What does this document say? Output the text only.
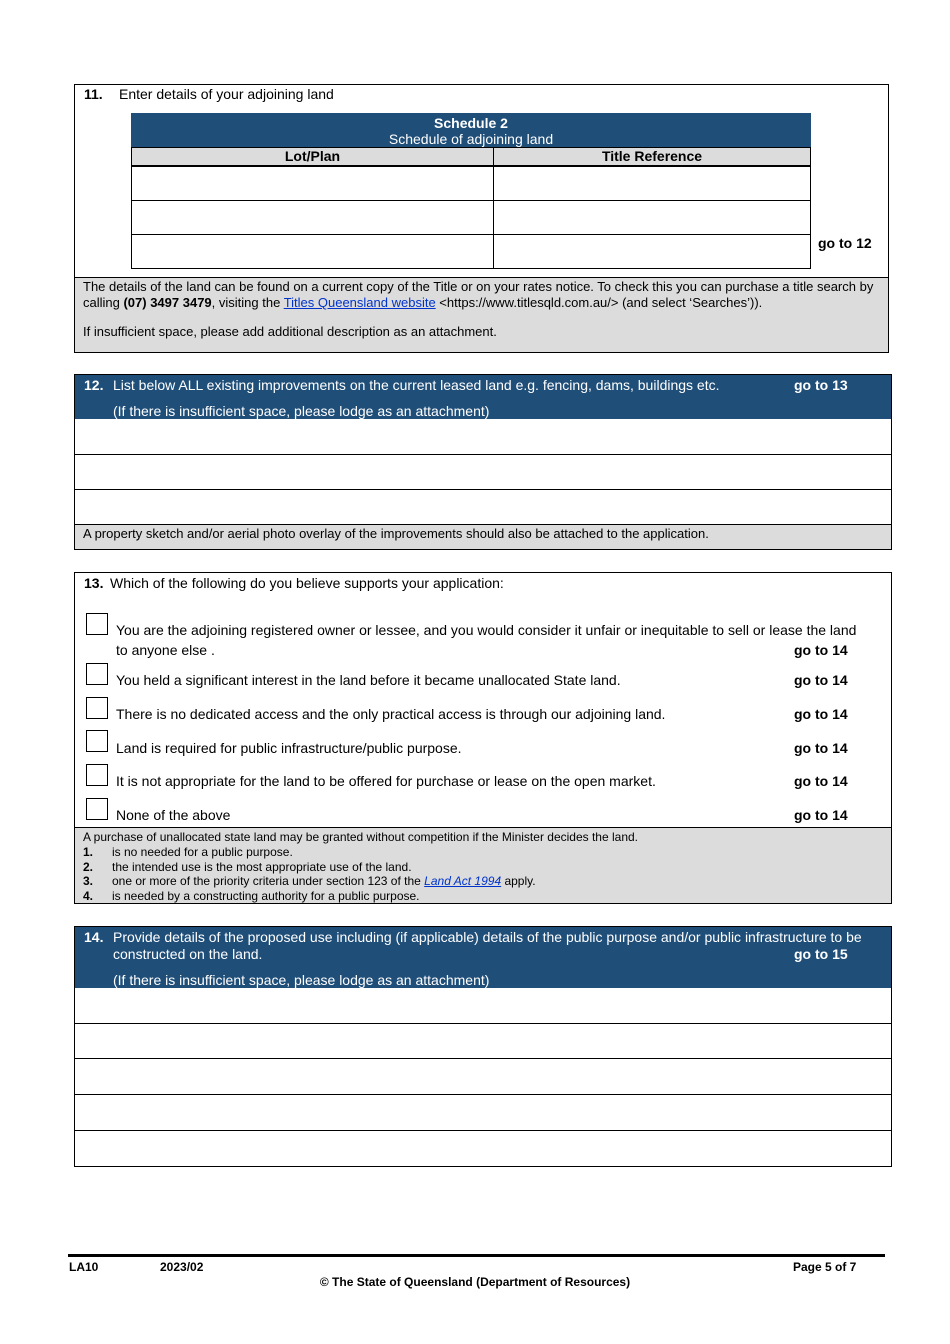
11. Enter details of your adjoining land
Schedule 2
Schedule of adjoining land
Lot/Plan	Title Reference
go to 12
The details of the land can be found on a current copy of the Title or on your rates notice. To check this you can purchase a title search by
calling (07) 3497 3479, visiting the Titles Queensland website <https://www.titlesqld.com.au/> (and select ‘Searches’)).
If insufficient space, please add additional description as an attachment.
12. List below ALL existing improvements on the current leased land e.g. fencing, dams, buildings etc.	go to 13
(If there is insufficient space, please lodge as an attachment)
A property sketch and/or aerial photo overlay of the improvements should also be attached to the application.
13. Which of the following do you believe supports your application:
You are the adjoining registered owner or lessee, and you would consider it unfair or inequitable to sell or lease the land
to anyone else .	go to 14
You held a significant interest in the land before it became unallocated State land.	go to 14
There is no dedicated access and the only practical access is through our adjoining land.	go to 14
Land is required for public infrastructure/public purpose.	go to 14
It is not appropriate for the land to be offered for purchase or lease on the open market.	go to 14
None of the above	go to 14
A purchase of unallocated state land may be granted without competition if the Minister decides the land.
1. is no needed for a public purpose.
2. the intended use is the most appropriate use of the land.
3. one or more of the priority criteria under section 123 of the Land Act 1994 apply.
4. is needed by a constructing authority for a public purpose.
14. Provide details of the proposed use including (if applicable) details of the public purpose and/or public infrastructure to be
constructed on the land.	go to 15
(If there is insufficient space, please lodge as an attachment)
LA10	2023/02	Page 5 of 7
© The State of Queensland (Department of Resources)
